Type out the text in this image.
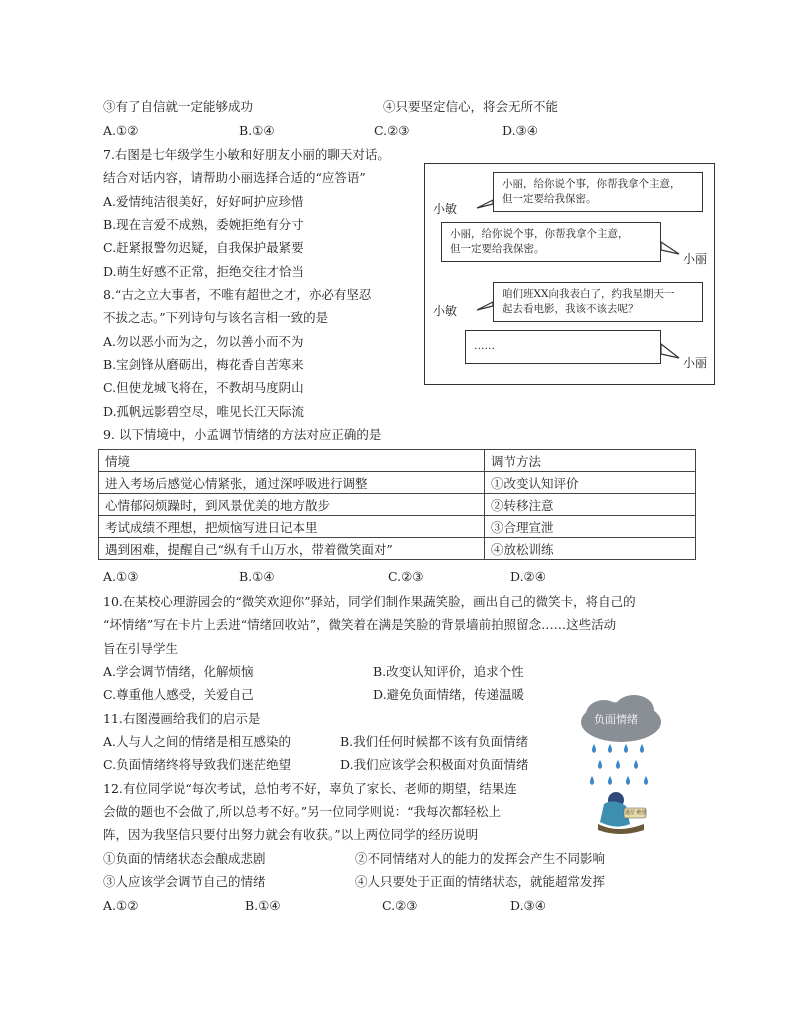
③有了自信就一定能够成功	④只要坚定信心，将会无所不能
A.①②	B.①④	C.②③	D.③④
7.右图是七年级学生小敏和好朋友小丽的聊天对话。
结合对话内容，请帮助小丽选择合适的“应答语”
A.爱情纯洁很美好，好好呵护应珍惜
B.现在言爱不成熟，委婉拒绝有分寸
C.赶紧报警勿迟疑，自我保护最紧要
D.萌生好感不正常，拒绝交往才恰当
小敏
小丽，给你说个事，你帮我拿个主意，
但一定要给我保密。
小丽，给你说个事，你帮我拿个主意，
但一定要给我保密。
小丽
小敏
咱们班XX向我表白了，约我星期天一
起去看电影，我该不该去呢？
……
小丽
8.“古之立大事者，不唯有超世之才，亦必有坚忍
不拔之志。”下列诗句与该名言相一致的是
A.勿以恶小而为之，勿以善小而不为
B.宝剑锋从磨砺出，梅花香自苦寒来
C.但使龙城飞将在，不教胡马度阴山
D.孤帆远影碧空尽，唯见长江天际流
9. 以下情境中，小孟调节情绪的方法对应正确的是
情境	调节方法
进入考场后感觉心情紧张，通过深呼吸进行调整	①改变认知评价
心情郁闷烦躁时，到风景优美的地方散步	②转移注意
考试成绩不理想，把烦恼写进日记本里	③合理宣泄
遇到困难，提醒自己“纵有千山万水，带着微笑面对”	④放松训练
A.①③	B.①④	C.②③	D.②④
10.在某校心理游园会的“微笑欢迎你”驿站，同学们制作果蔬笑脸，画出自己的微笑卡，将自己的
“坏情绪”写在卡片上丢进“情绪回收站”，微笑着在满是笑脸的背景墙前拍照留念……这些活动
旨在引导学生
A.学会调节情绪，化解烦恼	B.改变认知评价，追求个性
C.尊重他人感受，关爱自己	D.避免负面情绪，传递温暖
11.右图漫画给我们的启示是
A.人与人之间的情绪是相互感染的	B.我们任何时候都不该有负面情绪
C.负面情绪终将导致我们迷茫绝望	D.我们应该学会积极面对负面情绪
负面情绪
迷茫 绝望
12.有位同学说“每次考试，总怕考不好，辜负了家长、老师的期望，结果连
会做的题也不会做了,所以总考不好。”另一位同学则说：“我每次都轻松上
阵，因为我坚信只要付出努力就会有收获。”以上两位同学的经历说明
①负面的情绪状态会酿成悲剧	②不同情绪对人的能力的发挥会产生不同影响
③人应该学会调节自己的情绪	④人只要处于正面的情绪状态，就能超常发挥
A.①②	B.①④	C.②③	D.③④
